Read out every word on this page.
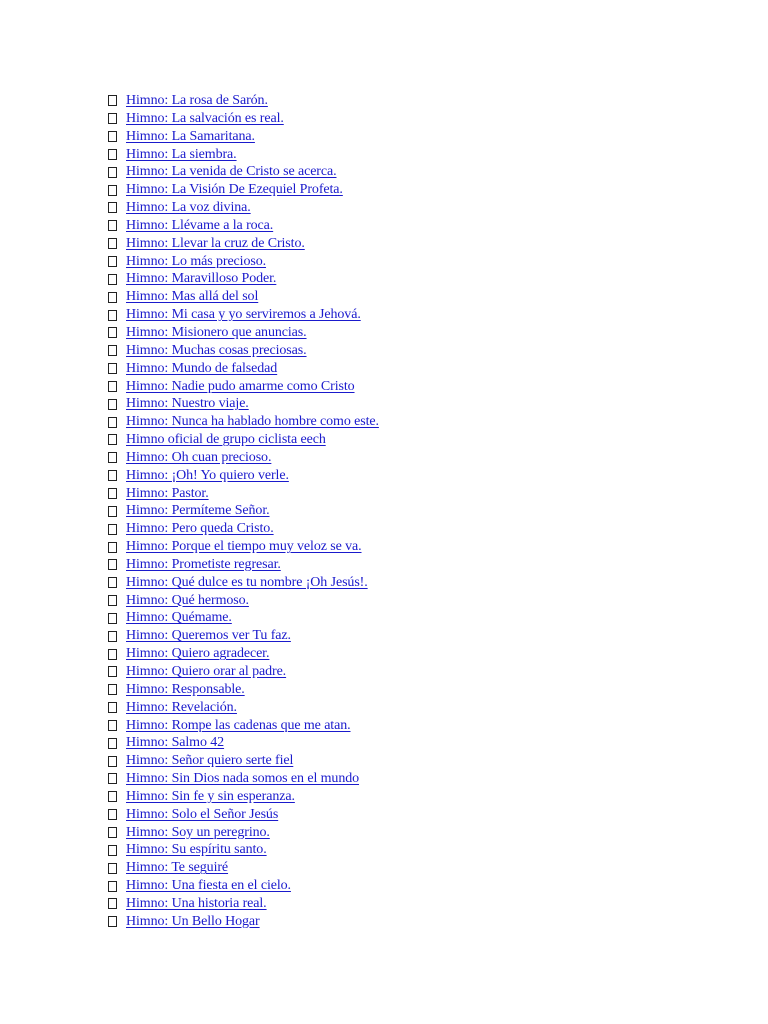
Himno: La rosa de Sarón.
Himno: La salvación es real.
Himno: La Samaritana.
Himno: La siembra.
Himno: La venida de Cristo se acerca.
Himno: La Visión De Ezequiel Profeta.
Himno: La voz divina.
Himno: Llévame a la roca.
Himno: Llevar la cruz de Cristo.
Himno: Lo más precioso.
Himno: Maravilloso Poder.
Himno: Mas allá del sol
Himno: Mi casa y yo serviremos a Jehová.
Himno: Misionero que anuncias.
Himno: Muchas cosas preciosas.
Himno: Mundo de falsedad
Himno: Nadie pudo amarme como Cristo
Himno: Nuestro viaje.
Himno: Nunca ha hablado hombre como este.
Himno oficial de grupo ciclista eech
Himno: Oh cuan precioso.
Himno: ¡Oh! Yo quiero verle.
Himno: Pastor.
Himno: Permíteme Señor.
Himno: Pero queda Cristo.
Himno: Porque el tiempo muy veloz se va.
Himno: Prometiste regresar.
Himno: Qué dulce es tu nombre ¡Oh Jesús!.
Himno: Qué hermoso.
Himno: Quémame.
Himno: Queremos ver Tu faz.
Himno: Quiero agradecer.
Himno: Quiero orar al padre.
Himno: Responsable.
Himno: Revelación.
Himno: Rompe las cadenas que me atan.
Himno: Salmo 42
Himno: Señor quiero serte fiel
Himno: Sin Dios nada somos en el mundo
Himno: Sin fe y sin esperanza.
Himno: Solo el Señor Jesús
Himno: Soy un peregrino.
Himno: Su espíritu santo.
Himno: Te seguiré
Himno: Una fiesta en el cielo.
Himno: Una historia real.
Himno: Un Bello Hogar
